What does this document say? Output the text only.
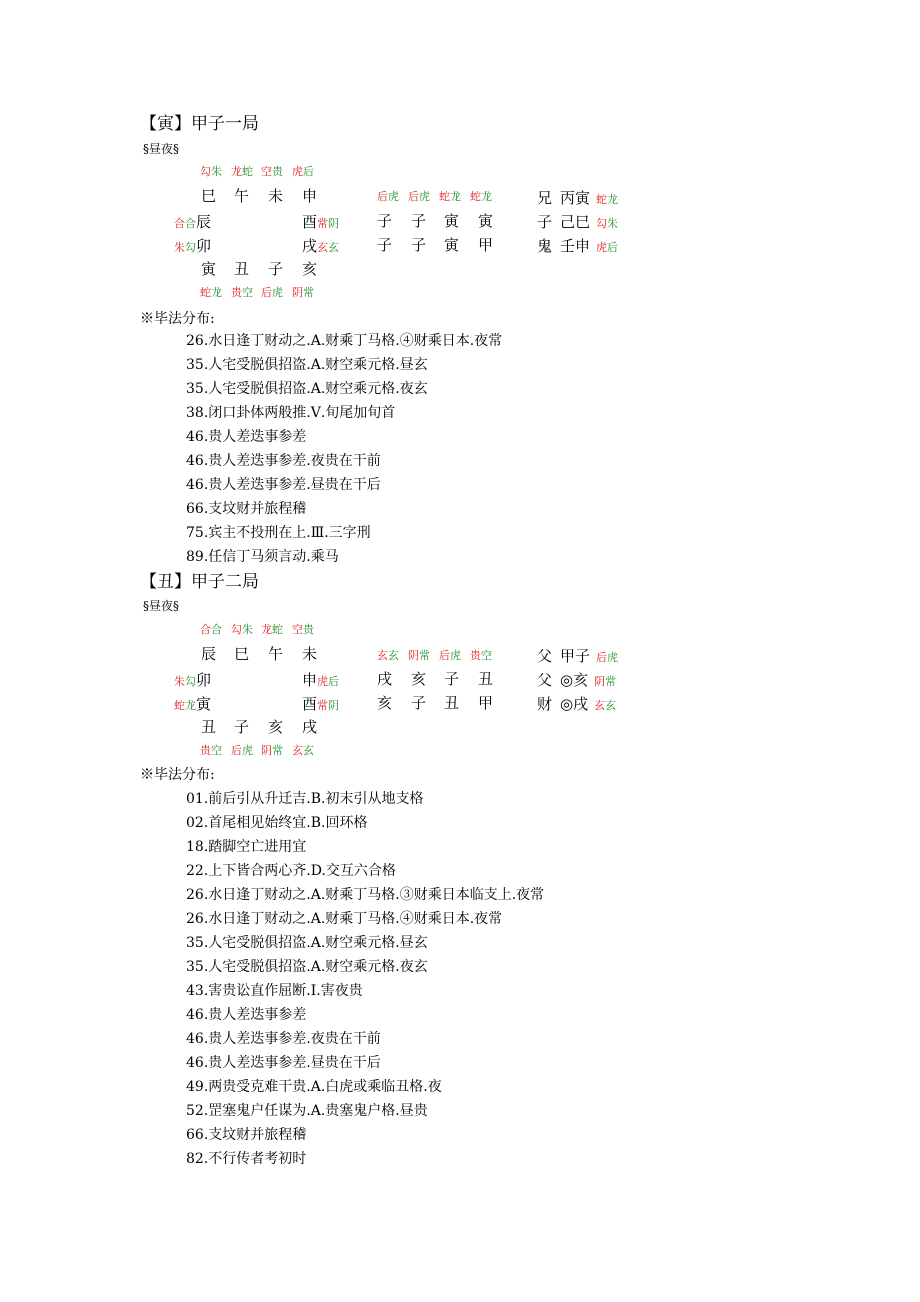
【寅】甲子一局
§昼夜§
勾朱 龙蛇 空贵 虎后
巳 午 未 申
合合辰
朱勾卯
酉常阴
戌玄玄
寅 丑 子 亥
蛇龙 贵空 后虎 阴常
后虎 后虎 蛇龙 蛇龙
子 子 寅 寅
子 子 寅 甲
兄 丙寅 蛇龙
子 己巳 勾朱
鬼 壬申 虎后
※毕法分布:
26.水日逢丁财动之.A.财乘丁马格.④财乘日本.夜常
35.人宅受脱俱招盗.A.财空乘元格.昼玄
35.人宅受脱俱招盗.A.财空乘元格.夜玄
38.闭口卦体两般推.Ⅴ.旬尾加旬首
46.贵人差迭事参差
46.贵人差迭事参差.夜贵在干前
46.贵人差迭事参差.昼贵在干后
66.支坟财并旅程稽
75.宾主不投刑在上.Ⅲ.三字刑
89.任信丁马须言动.乘马
【丑】甲子二局
§昼夜§
合合 勾朱 龙蛇 空贵
辰 巳 午 未
朱勾卯
蛇龙寅
申虎后
酉常阴
丑 子 亥 戌
贵空 后虎 阴常 玄玄
玄玄 阴常 后虎 贵空
戌 亥 子 丑
亥 子 丑 甲
父 甲子 后虎
父 ◎亥 阴常
财 ◎戌 玄玄
※毕法分布:
01.前后引从升迁吉.B.初末引从地支格
02.首尾相见始终宜.B.回环格
18.踏脚空亡进用宜
22.上下皆合两心齐.D.交互六合格
26.水日逢丁财动之.A.财乘丁马格.③财乘日本临支上.夜常
26.水日逢丁财动之.A.财乘丁马格.④财乘日本.夜常
35.人宅受脱俱招盗.A.财空乘元格.昼玄
35.人宅受脱俱招盗.A.财空乘元格.夜玄
43.害贵讼直作屈断.Ⅰ.害夜贵
46.贵人差迭事参差
46.贵人差迭事参差.夜贵在干前
46.贵人差迭事参差.昼贵在干后
49.两贵受克难干贵.A.白虎或乘临丑格.夜
52.罡塞鬼户任谋为.A.贵塞鬼户格.昼贵
66.支坟财并旅程稽
82.不行传者考初时
